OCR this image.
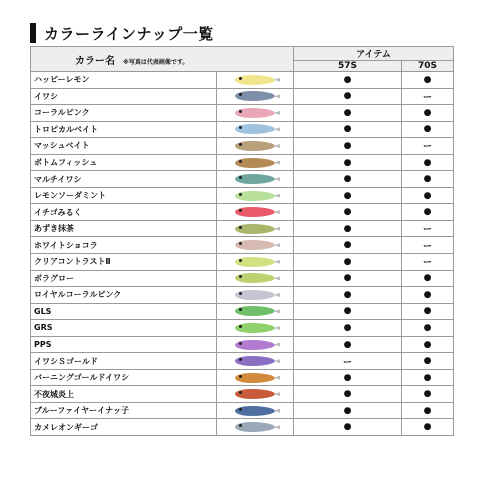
カラーラインナップ一覧
カラー名 ※写真は代表画像です。		アイテム	
		57S	70S
ハッピーレモン		●	●
イワシ		●	ー
コーラルピンク		●	●
トロピカルベイト		●	●
マッシュベイト		●	ー
ボトムフィッシュ		●	●
マルチイワシ		●	●
レモンソーダミント		●	●
イチゴみるく		●	●
あずき抹茶		●	ー
ホワイトショコラ		●	ー
クリアコントラストⅡ		●	ー
ボラグロー		●	●
ロイヤルコーラルピンク		●	●
GLS		●	●
GRS		●	●
PPS		●	●
イワシＳゴールド		ー	●
バーニングゴールドイワシ		●	●
不夜城炎上		●	●
ブルーファイヤーイナッ子		●	●
カメレオンギーゴ		●	●
